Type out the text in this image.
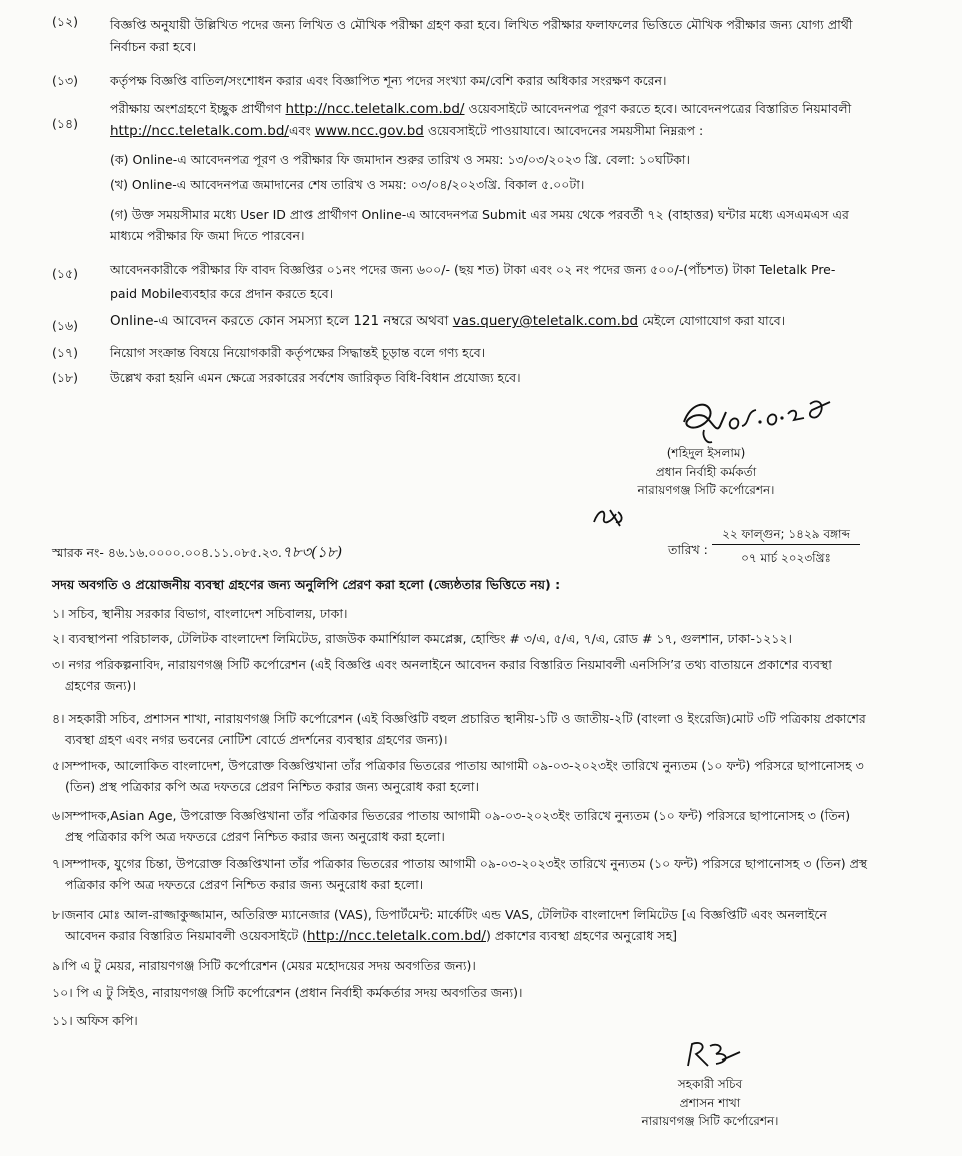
(১২)	বিজ্ঞপ্তি অনুযায়ী উল্লিখিত পদের জন্য লিখিত ও মৌখিক পরীক্ষা গ্রহণ করা হবে। লিখিত পরীক্ষার ফলাফলের ভিত্তিতে মৌখিক পরীক্ষার জন্য যোগ্য প্রার্থী

নির্বাচন করা হবে।

(১৩)	কর্তৃপক্ষ বিজ্ঞপ্তি বাতিল/সংশোধন করার এবং বিজ্ঞাপিত শূন্য পদের সংখ্যা কম/বেশি করার অধিকার সংরক্ষণ করেন।

(১৪)

পরীক্ষায় অংশগ্রহণে ইচ্ছুক প্রার্থীগণ http://ncc.teletalk.com.bd/ ওয়েবসাইটে আবেদনপত্র পূরণ করতে হবে। আবেদনপত্রের বিস্তারিত নিয়মাবলী

http://ncc.teletalk.com.bd/এবং www.ncc.gov.bd ওয়েবসাইটে পাওয়াযাবে। আবেদনের সময়সীমা নিম্নরূপ :

(ক) Online-এ আবেদনপত্র পূরণ ও পরীক্ষার ফি জমাদান শুরুর তারিখ ও সময়: ১৩/০৩/২০২৩ খ্রি. বেলা: ১০ঘটিকা।

(খ) Online-এ আবেদনপত্র জমাদানের শেষ তারিখ ও সময়: ০৩/০৪/২০২৩খ্রি. বিকাল ৫.০০টা।

(গ) উক্ত সময়সীমার মধ্যে User ID প্রাপ্ত প্রার্থীগণ Online-এ আবেদনপত্র Submit এর সময় থেকে পরবর্তী ৭২ (বাহাত্তর) ঘন্টার মধ্যে এসএমএস এর

মাধ্যমে পরীক্ষার ফি জমা দিতে পারবেন।

(১৫)	আবেদনকারীকে পরীক্ষার ফি বাবদ বিজ্ঞপ্তির ০১নং পদের জন্য ৬০০/- (ছয় শত) টাকা এবং ০২ নং পদের জন্য ৫০০/-(পাঁচশত) টাকা Teletalk Pre-

paid Mobileব্যবহার করে প্রদান করতে হবে।

(১৬)	Online-এ আবেদন করতে কোন সমস্যা হলে 121 নম্বরে অথবা vas.query@teletalk.com.bd মেইলে যোগাযোগ করা যাবে।

(১৭)	নিয়োগ সংক্রান্ত বিষয়ে নিয়োগকারী কর্তৃপক্ষের সিদ্ধান্তই চূড়ান্ত বলে গণ্য হবে।

(১৮)	উল্লেখ করা হয়নি এমন ক্ষেত্রে সরকারের সর্বশেষ জারিকৃত বিধি-বিধান প্রযোজ্য হবে।

(শহিদুল ইসলাম)
প্রধান নির্বাহী কর্মকর্তা
নারায়ণগঞ্জ সিটি কর্পোরেশন।
স্মারক নং- ৪৬.১৬.০০০০.০০৪.১১.০৮৫.২৩.৭৮৩(১৮)	তারিখ :
২২ ফাল্গুন; ১৪২৯ বঙ্গাব্দ
০৭ মার্চ ২০২৩খ্রিঃ
সদয় অবগতি ও প্রয়োজনীয় ব্যবস্থা গ্রহণের জন্য অনুলিপি প্রেরণ করা হলো (জ্যেষ্ঠতার ভিত্তিতে নয়) :

১। সচিব, স্থানীয় সরকার বিভাগ, বাংলাদেশ সচিবালয়, ঢাকা।

২। ব্যবস্থাপনা পরিচালক, টেলিটক বাংলাদেশ লিমিটেড, রাজউক কমার্শিয়াল কমপ্লেক্স, হোল্ডিং # ৩/এ, ৫/এ, ৭/এ, রোড # ১৭, গুলশান, ঢাকা-১২১২।

৩। নগর পরিকল্পনাবিদ, নারায়ণগঞ্জ সিটি কর্পোরেশন (এই বিজ্ঞপ্তি এবং অনলাইনে আবেদন করার বিস্তারিত নিয়মাবলী এনসিসি’র তথ্য বাতায়নে প্রকাশের ব্যবস্থা

গ্রহণের জন্য)।

৪। সহকারী সচিব, প্রশাসন শাখা, নারায়ণগঞ্জ সিটি কর্পোরেশন (এই বিজ্ঞপ্তিটি বহুল প্রচারিত স্থানীয়-১টি ও জাতীয়-২টি (বাংলা ও ইংরেজি)মোট ৩টি পত্রিকায় প্রকাশের

ব্যবস্থা গ্রহণ এবং নগর ভবনের নোটিশ বোর্ডে প্রদর্শনের ব্যবস্থার গ্রহণের জন্য)।

৫।সম্পাদক, আলোকিত বাংলাদেশ, উপরোক্ত বিজ্ঞপ্তিখানা তাঁর পত্রিকার ভিতরের পাতায় আগামী ০৯-০৩-২০২৩ইং তারিখে নুন্যতম (১০ ফন্ট) পরিসরে ছাপানোসহ ৩

(তিন) প্রস্থ পত্রিকার কপি অত্র দফতরে প্রেরণ নিশ্চিত করার জন্য অনুরোধ করা হলো।

৬।সম্পাদক,Asian Age, উপরোক্ত বিজ্ঞপ্তিখানা তাঁর পত্রিকার ভিতরের পাতায় আগামী ০৯-০৩-২০২৩ইং তারিখে নুন্যতম (১০ ফন্ট) পরিসরে ছাপানোসহ ৩ (তিন)

প্রস্থ পত্রিকার কপি অত্র দফতরে প্রেরণ নিশ্চিত করার জন্য অনুরোধ করা হলো।

৭।সম্পাদক, যুগের চিন্তা, উপরোক্ত বিজ্ঞপ্তিখানা তাঁর পত্রিকার ভিতরের পাতায় আগামী ০৯-০৩-২০২৩ইং তারিখে নুন্যতম (১০ ফন্ট) পরিসরে ছাপানোসহ ৩ (তিন) প্রস্থ

পত্রিকার কপি অত্র দফতরে প্রেরণ নিশ্চিত করার জন্য অনুরোধ করা হলো।

৮।জনাব মোঃ আল-রাজ্জাকুজ্জামান, অতিরিক্ত ম্যানেজার (VAS), ডিপার্টমেন্ট: মার্কেটিং এন্ড VAS, টেলিটক বাংলাদেশ লিমিটেড [এ বিজ্ঞপ্তিটি এবং অনলাইনে

আবেদন করার বিস্তারিত নিয়মাবলী ওয়েবসাইটে (http://ncc.teletalk.com.bd/) প্রকাশের ব্যবস্থা গ্রহণের অনুরোধ সহ]

৯।পি এ টু মেয়র, নারায়ণগঞ্জ সিটি কর্পোরেশন (মেয়র মহোদয়ের সদয় অবগতির জন্য)।

১০। পি এ টু সিইও, নারায়ণগঞ্জ সিটি কর্পোরেশন (প্রধান নির্বাহী কর্মকর্তার সদয় অবগতির জন্য)।

১১। অফিস কপি।

সহকারী সচিব
প্রশাসন শাখা
নারায়ণগঞ্জ সিটি কর্পোরেশন।
